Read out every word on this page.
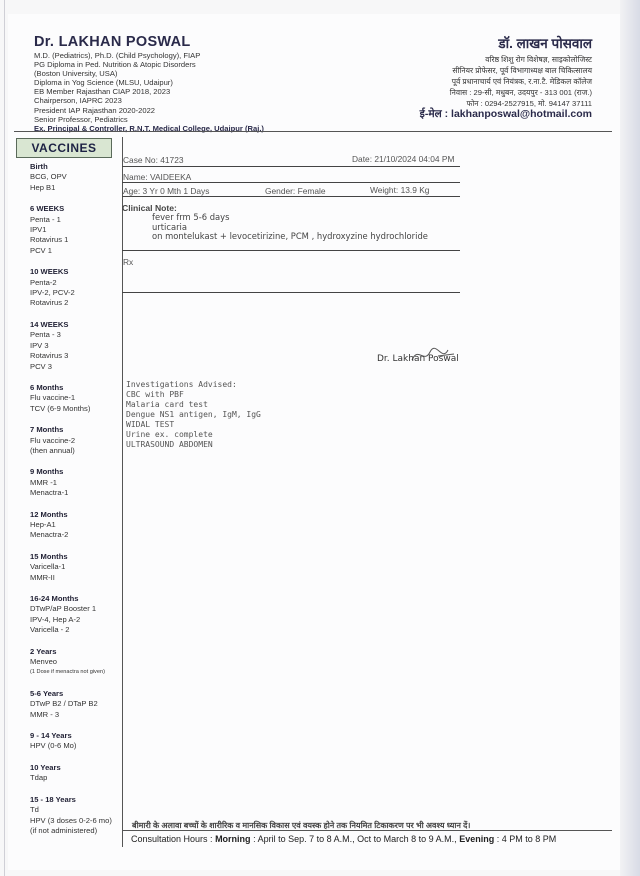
Dr. LAKHAN POSWAL
M.D. (Pediatrics), Ph.D. (Child Psychology), FIAP
PG Diploma in Ped. Nutrition & Atopic Disorders
(Boston University, USA)
Diploma in Yog Science (MLSU, Udaipur)
EB Member Rajasthan CIAP 2018, 2023
Chairperson, IAPRC 2023
President IAP Rajasthan 2020-2022
Senior Professor, Pediatrics
Ex. Principal & Controller, R.N.T. Medical College, Udaipur (Raj.)
डॉ. लाखन पोसवाल
वरिष्ठ शिशु रोग विशेषज्ञ, साइकोलोजिस्ट
सीनियर प्रोफेसर, पूर्व विभागाध्यक्ष बाल चिकित्सालय
पूर्व प्रधानाचार्य एवं नियंत्रक, र.ना.टै. मेडिकल कॉलेज
निवास : 29-सी, मधुबन, उदयपुर - 313 001 (राज.)
फोन : 0294-2527915, मो. 94147 37111
ई-मेल : lakhanposwal@hotmail.com
VACCINES
Birth
BCG, OPV
Hep B1
6 WEEKS
Penta - 1
IPV1
Rotavirus 1
PCV 1
10 WEEKS
Penta-2
IPV-2, PCV-2
Rotavirus 2
14 WEEKS
Penta - 3
IPV 3
Rotavirus 3
PCV 3
6 Months
Flu vaccine-1
TCV (6-9 Months)
7 Months
Flu vaccine-2
(then annual)
9 Months
MMR -1
Menactra-1
12 Months
Hep-A1
Menactra-2
15 Months
Varicella-1
MMR-II
16-24 Months
DTwP/aP Booster 1
IPV-4, Hep A-2
Varicella - 2
2 Years
Menveo
(1 Dose if menactra not given)
5-6 Years
DTwP B2 / DTaP B2
MMR - 3
9 - 14 Years
HPV (0-6 Mo)
10 Years
Tdap
15 - 18 Years
Td
HPV (3 doses 0-2-6 mo)
(if not administered)
Case No: 41723	Date: 21/10/2024 04:04 PM
Name: VAIDEEKA
Age: 3 Yr 0 Mth 1 Days	Gender: Female	Weight: 13.9 Kg
Clinical Note:
fever frm 5-6 days
urticaria
on montelukast + levocetirizine, PCM , hydroxyzine hydrochloride
Rx
Dr. Lakhan Poswal
Investigations Advised:
CBC with PBF
Malaria card test
Dengue NS1 antigen, IgM, IgG
WIDAL TEST
Urine ex. complete
ULTRASOUND ABDOMEN
बीमारी के अलावा बच्चों के शारीरिक व मानसिक विकास एवं वयस्क होने तक नियमित टिकाकरण पर भी अवश्य ध्यान दें।
Consultation Hours : Morning : April to Sep. 7 to 8 A.M., Oct to March 8 to 9 A.M., Evening : 4 PM to 8 PM
